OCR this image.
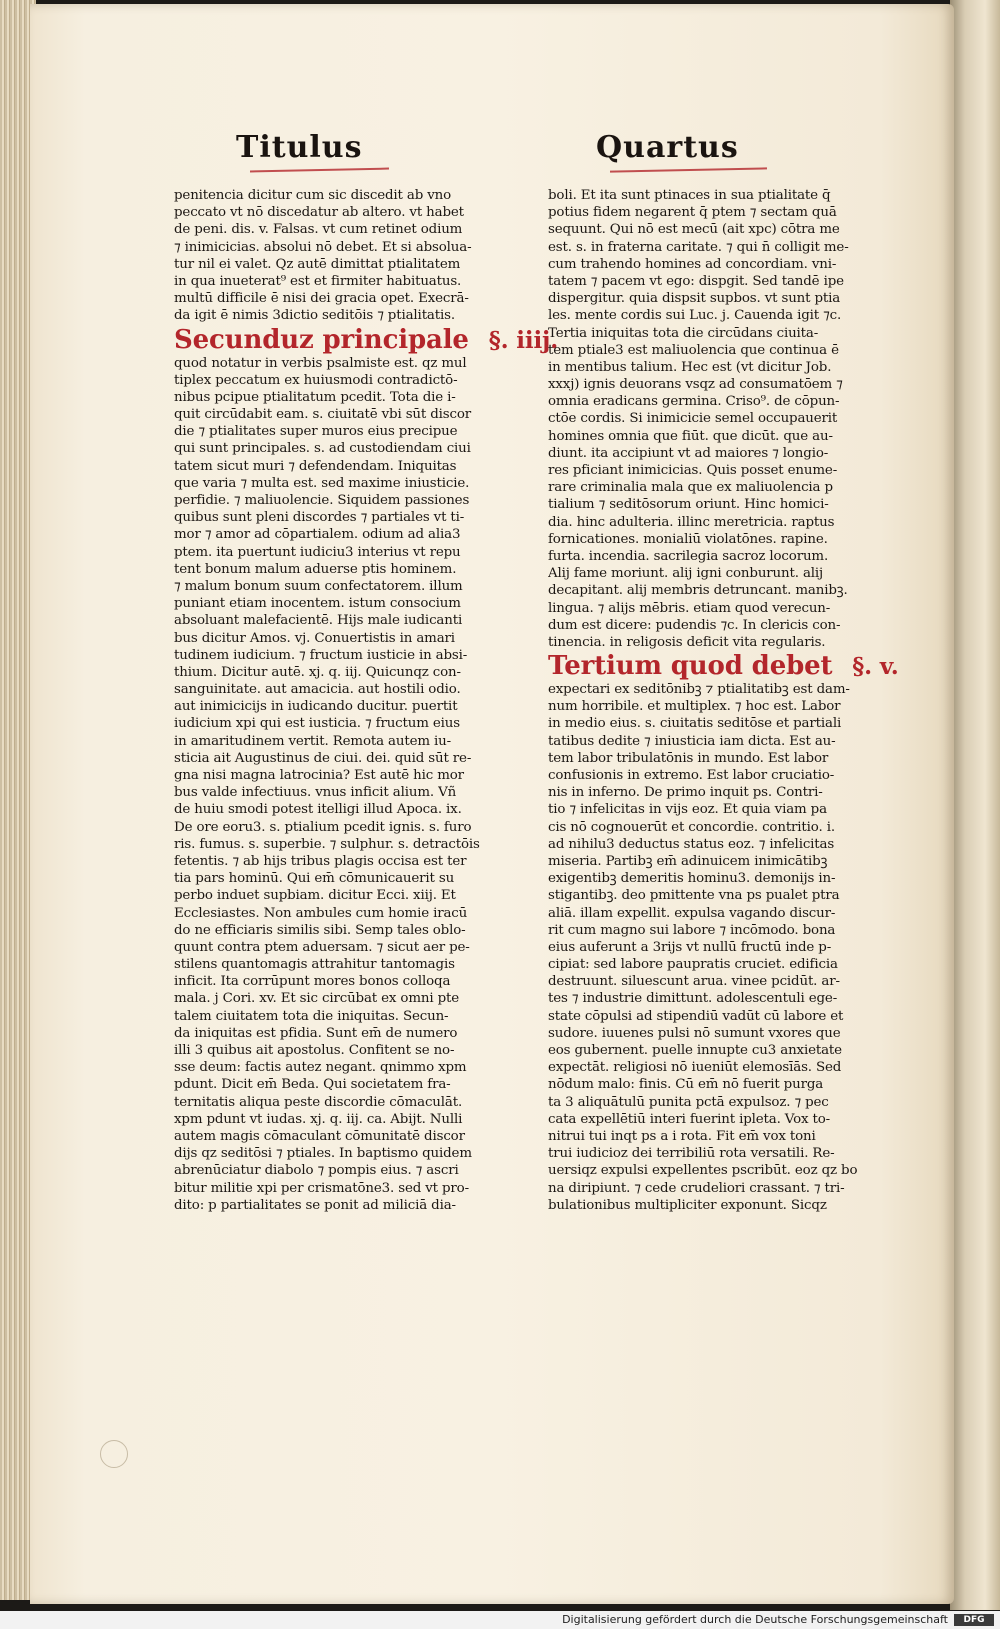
Titulus	Quartus
penitencia dicitur cum sic discedit ab vno
peccato vt nō discedatur ab altero. vt habet
de peni. dis. v. Falsas. vt cum retinet odium
⁊ inimicicias. absolui nō debet. Et si absolua-
tur nil ei valet. Qz autē dimittat ptialitatem
in qua inueterat⁹ est et firmiter habituatus.
multū difficile ē nisi dei gracia opet. Execrā-
da igit ē nimis 3dictio seditōis ⁊ ptialitatis.
Secunduz principale §. iiij.
quod notatur in verbis psalmiste est. qz mul
tiplex peccatum ex huiusmodi contradictō-
nibus pcipue ptialitatum pcedit. Tota die i-
quit circūdabit eam. s. ciuitatē vbi sūt discor
die ⁊ ptialitates super muros eius precipue
qui sunt principales. s. ad custodiendam ciui
tatem sicut muri ⁊ defendendam. Iniquitas
que varia ⁊ multa est. sed maxime iniusticie.
perfidie. ⁊ maliuolencie. Siquidem passiones
quibus sunt pleni discordes ⁊ partiales vt ti-
mor ⁊ amor ad cōpartialem. odium ad alia3
ptem. ita puertunt iudiciu3 interius vt repu
tent bonum malum aduerse ptis hominem.
⁊ malum bonum suum confectatorem. illum
puniant etiam inocentem. istum consocium
absoluant malefacientē. Hijs male iudicanti
bus dicitur Amos. vj. Conuertistis in amari
tudinem iudicium. ⁊ fructum iusticie in absi-
thium. Dicitur autē. xj. q. iij. Quicunqz con-
sanguinitate. aut amacicia. aut hostili odio.
aut inimicicijs in iudicando ducitur. puertit
iudicium xpi qui est iusticia. ⁊ fructum eius
in amaritudinem vertit. Remota autem iu-
sticia ait Augustinus de ciui. dei. quid sūt re-
gna nisi magna latrocinia? Est autē hic mor
bus valde infectiuus. vnus inficit alium. Vñ
de huiu smodi potest itelligi illud Apoca. ix.
De ore eoru3. s. ptialium pcedit ignis. s. furo
ris. fumus. s. superbie. ⁊ sulphur. s. detractōis
fetentis. ⁊ ab hijs tribus plagis occisa est ter
tia pars hominū. Qui em̄ cōmunicauerit su
perbo induet supbiam. dicitur Ecci. xiij. Et
Ecclesiastes. Non ambules cum homie iracū
do ne efficiaris similis sibi. Semp tales oblo-
quunt contra ptem aduersam. ⁊ sicut aer pe-
stilens quantomagis attrahitur tantomagis
inficit. Ita corrūpunt mores bonos colloqa
mala. j Cori. xv. Et sic circūbat ex omni pte
talem ciuitatem tota die iniquitas. Secun-
da iniquitas est pfidia. Sunt em̄ de numero
illi 3 quibus ait apostolus. Confitent se no-
sse deum: factis autez negant. qnimmo xpm
pdunt. Dicit em̄ Beda. Qui societatem fra-
ternitatis aliqua peste discordie cōmaculāt.
xpm pdunt vt iudas. xj. q. iij. ca. Abijt. Nulli
autem magis cōmaculant cōmunitatē discor
dijs qz seditōsi ⁊ ptiales. In baptismo quidem
abrenūciatur diabolo ⁊ pompis eius. ⁊ ascri
bitur militie xpi per crismatōne3. sed vt pro-
dito: p partialitates se ponit ad miliciā dia-
boli. Et ita sunt ptinaces in sua ptialitate q̄
potius fidem negarent q̄ ptem ⁊ sectam quā
sequunt. Qui nō est mecū (ait xpc) cōtra me
est. s. in fraterna caritate. ⁊ qui n̄ colligit me-
cum trahendo homines ad concordiam. vni-
tatem ⁊ pacem vt ego: dispgit. Sed tandē ipe
dispergitur. quia dispsit supbos. vt sunt ptia
les. mente cordis sui Luc. j. Cauenda igit ⁊c.
Tertia iniquitas tota die circūdans ciuita-
tem ptiale3 est maliuolencia que continua ē
in mentibus talium. Hec est (vt dicitur Job.
xxxj) ignis deuorans vsqz ad consumatōem ⁊
omnia eradicans germina. Criso⁹. de cōpun-
ctōe cordis. Si inimicicie semel occupauerit
homines omnia que fiūt. que dicūt. que au-
diunt. ita accipiunt vt ad maiores ⁊ longio-
res pficiant inimicicias. Quis posset enume-
rare criminalia mala que ex maliuolencia p
tialium ⁊ seditōsorum oriunt. Hinc homici-
dia. hinc adulteria. illinc meretricia. raptus
fornicationes. monialiū violatōnes. rapine.
furta. incendia. sacrilegia sacroz locorum.
Alij fame moriunt. alij igni conburunt. alij
decapitant. alij membris detruncant. manibꝫ.
lingua. ⁊ alijs mēbris. etiam quod verecun-
dum est dicere: pudendis ⁊c. In clericis con-
tinencia. in religosis deficit vita regularis.
Tertium quod debet §. v.
expectari ex seditōnibꝫ ⁊ ptialitatibꝫ est dam-
num horribile. et multiplex. ⁊ hoc est. Labor
in medio eius. s. ciuitatis seditōse et partiali
tatibus dedite ⁊ iniusticia iam dicta. Est au-
tem labor tribulatōnis in mundo. Est labor
confusionis in extremo. Est labor cruciatio-
nis in inferno. De primo inquit ps. Contri-
tio ⁊ infelicitas in vijs eoz. Et quia viam pa
cis nō cognouerūt et concordie. contritio. i.
ad nihilu3 deductus status eoz. ⁊ infelicitas
miseria. Partibꝫ em̄ adinuicem inimicātibꝫ
exigentibꝫ demeritis hominu3. demonijs in-
stigantibꝫ. deo pmittente vna ps pualet ptra
aliā. illam expellit. expulsa vagando discur-
rit cum magno sui labore ⁊ incōmodo. bona
eius auferunt a 3rijs vt nullū fructū inde p-
cipiat: sed labore paupratis cruciet. edificia
destruunt. siluescunt arua. vinee pcidūt. ar-
tes ⁊ industrie dimittunt. adolescentuli ege-
state cōpulsi ad stipendiū vadūt cū labore et
sudore. iuuenes pulsi nō sumunt vxores que
eos gubernent. puelle innupte cu3 anxietate
expectāt. religiosi nō iueniūt elemosīās. Sed
nōdum malo: finis. Cū em̄ nō fuerit purga
ta 3 aliquātulū punita pctā expulsoz. ⁊ pec
cata expellētiū interi fuerint ipleta. Vox to-
nitrui tui inqt ps a i rota. Fit em̄ vox toni
trui iudicioz dei terribiliū rota versatili. Re-
uersiqz expulsi expellentes pscribūt. eoz qz bo
na diripiunt. ⁊ cede crudeliori crassant. ⁊ tri-
bulationibus multipliciter exponunt. Sicqz
Digitalisierung gefördert durch die Deutsche Forschungsgemeinschaft	DFG
